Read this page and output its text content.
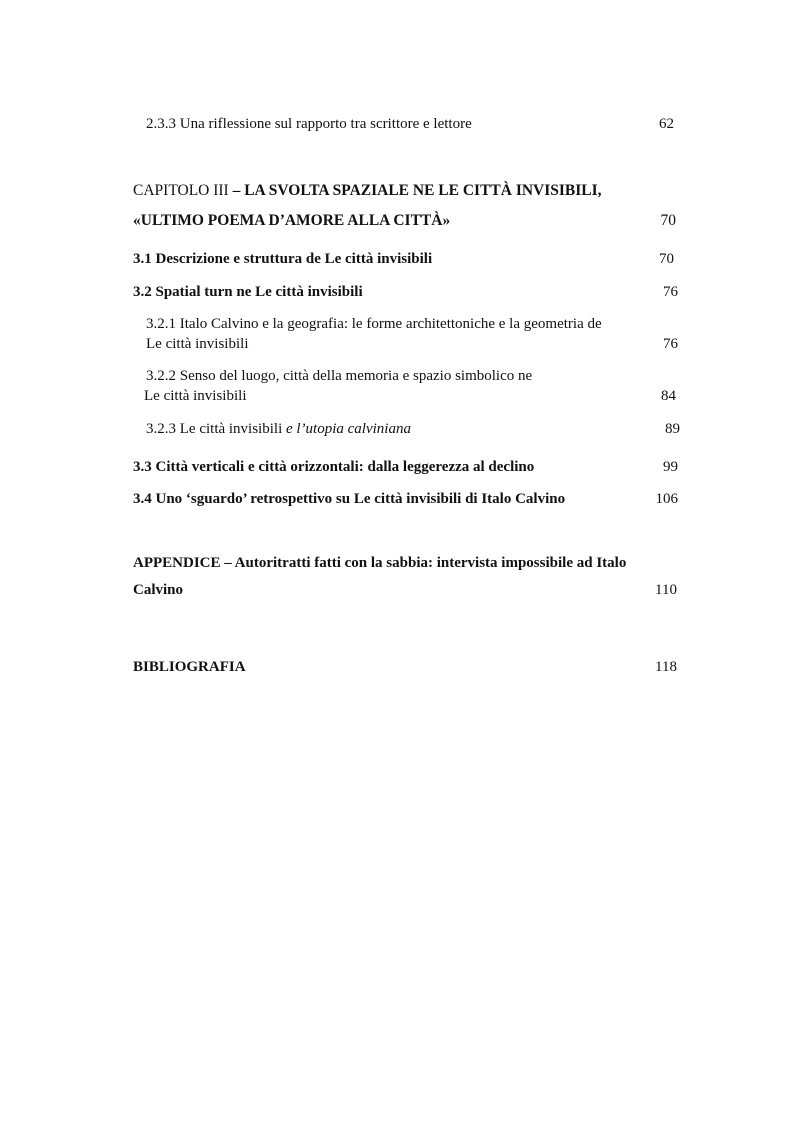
2.3.3 Una riflessione sul rapporto tra scrittore e lettore	62
CAPITOLO III – LA SVOLTA SPAZIALE NE LE CITTÀ INVISIBILI,
«ULTIMO POEMA D’AMORE ALLA CITTÀ»	70
3.1 Descrizione e struttura de Le città invisibili	70
3.2 Spatial turn ne Le città invisibili	76
3.2.1 Italo Calvino e la geografia: le forme architettoniche e la geometria de
Le città invisibili	76
3.2.2 Senso del luogo, città della memoria e spazio simbolico ne
Le città invisibili	84
3.2.3 Le città invisibili e l’utopia calviniana	89
3.3 Città verticali e città orizzontali: dalla leggerezza al declino	99
3.4 Uno ‘sguardo’ retrospettivo su Le città invisibili di Italo Calvino	106
APPENDICE – Autoritratti fatti con la sabbia: intervista impossibile ad Italo
Calvino	110
BIBLIOGRAFIA	118
